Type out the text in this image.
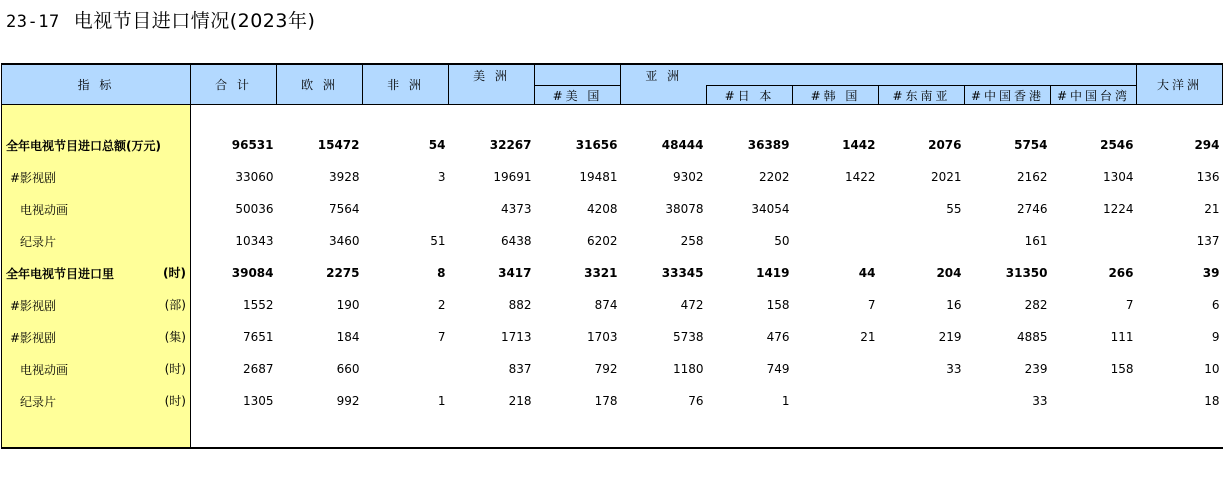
23-17 电视节目进口情况(2023年)
指 标	合 计	欧 洲	非 洲	美 洲		亚 洲						大洋洲
					#美 国		#日 本	#韩 国	#东南亚	#中国香港	#中国台湾	

全年电视节目进口总额(万元)	96531	15472	54	32267	31656	48444	36389	1442	2076	5754	2546	294
#影视剧	33060	3928	3	19691	19481	9302	2202	1422	2021	2162	1304	136
电视动画	50036	7564		4373	4208	38078	34054		55	2746	1224	21
纪录片	10343	3460	51	6438	6202	258	50			161		137
全年电视节目进口里 (时)	39084	2275	8	3417	3321	33345	1419	44	204	31350	266	39
#影视剧 (部)	1552	190	2	882	874	472	158	7	16	282	7	6
#影视剧 (集)	7651	184	7	1713	1703	5738	476	21	219	4885	111	9
电视动画 (时)	2687	660		837	792	1180	749		33	239	158	10
纪录片 (时)	1305	992	1	218	178	76	1			33		18
